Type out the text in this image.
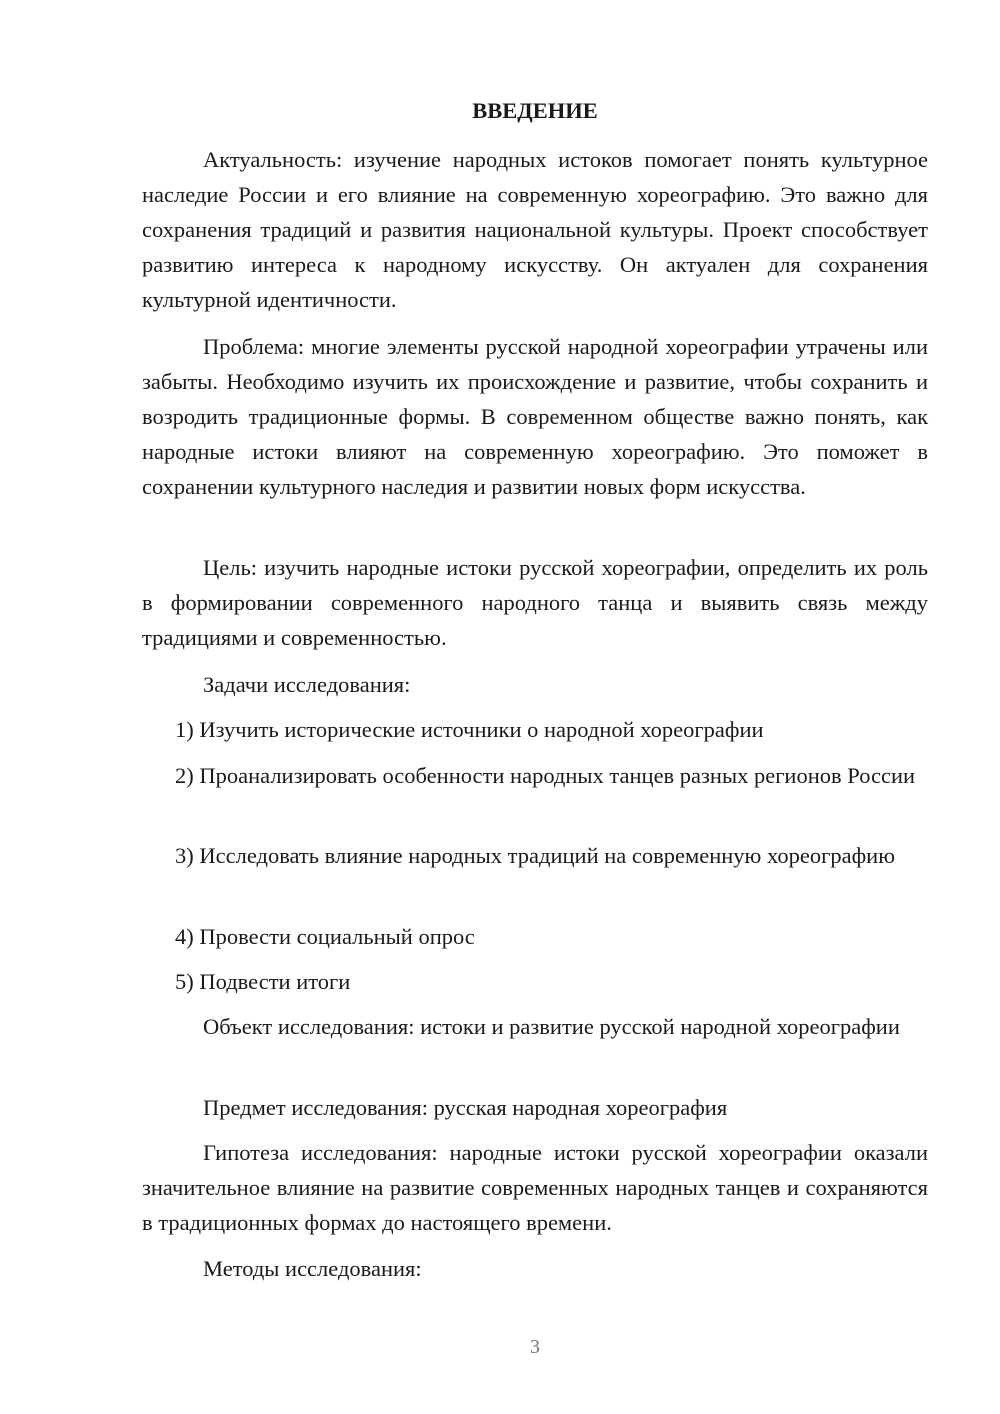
ВВЕДЕНИЕ

Актуальность: изучение народных истоков помогает понять культурное наследие России и его влияние на современную хореографию. Это важно для сохранения традиций и развития национальной культуры. Проект способствует развитию интереса к народному искусству. Он актуален для сохранения культурной идентичности.

Проблема: многие элементы русской народной хореографии утрачены или забыты. Необходимо изучить их происхождение и развитие, чтобы сохранить и возродить традиционные формы. В современном обществе важно понять, как народные истоки влияют на современную хореографию. Это поможет в сохранении культурного наследия и развитии новых форм искусства.

Цель: изучить народные истоки русской хореографии, определить их роль в формировании современного народного танца и выявить связь между традициями и современностью.

Задачи исследования:

1) Изучить исторические источники о народной хореографии

2) Проанализировать особенности народных танцев разных регионов России

3) Исследовать влияние народных традиций на современную хореографию

4) Провести социальный опрос

5) Подвести итоги

Объект исследования: истоки и развитие русской народной хореографии

Предмет исследования: русская народная хореография

Гипотеза исследования: народные истоки русской хореографии оказали значительное влияние на развитие современных народных танцев и сохраняются в традиционных формах до настоящего времени.

Методы исследования:

3
